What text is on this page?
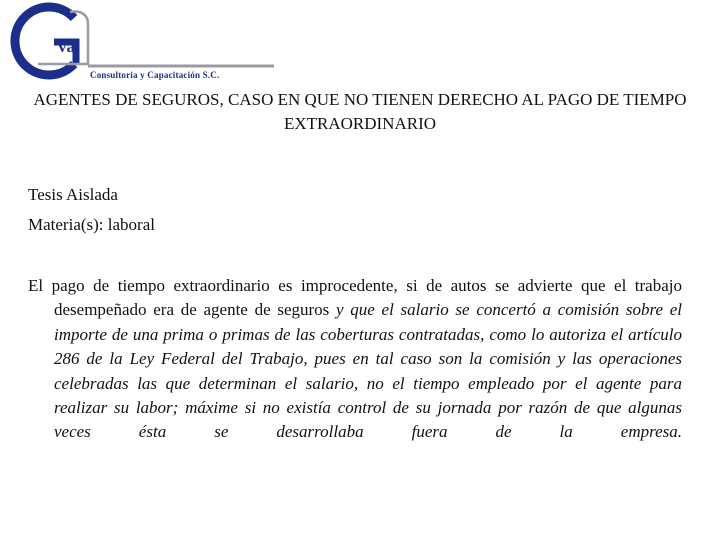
va
Consultoria y Capacitación S.C.
AGENTES DE SEGUROS, CASO EN QUE NO TIENEN DERECHO AL PAGO DE TIEMPO EXTRAORDINARIO
Tesis Aislada
Materia(s): laboral

El pago de tiempo extraordinario es improcedente, si de autos se advierte que el trabajo desempeñado era de agente de seguros y que el salario se concertó a comisión sobre el importe de una prima o primas de las coberturas contratadas, como lo autoriza el artículo 286 de la Ley Federal del Trabajo, pues en tal caso son la comisión y las operaciones celebradas las que determinan el salario, no el tiempo empleado por el agente para realizar su labor; máxime si no existía control de su jornada por razón de que algunas veces ésta se desarrollaba fuera de la empresa.
